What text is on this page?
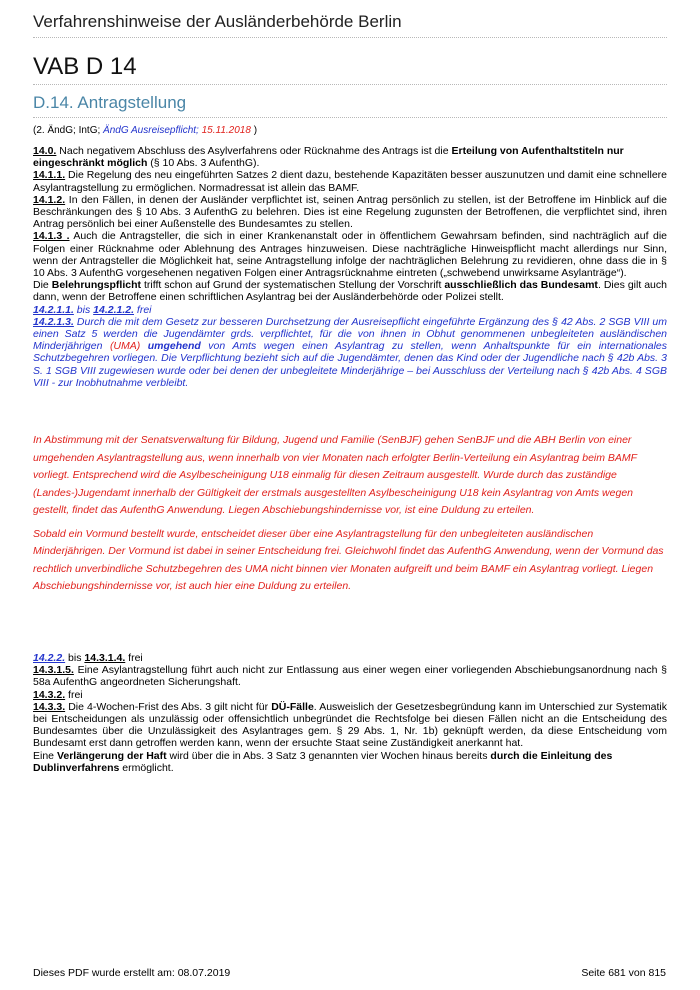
Verfahrenshinweise der Ausländerbehörde Berlin
VAB D 14
D.14. Antragstellung
(2. ÄndG; IntG; ÄndG Ausreisepflicht; 15.11.2018 )

14.0. Nach negativem Abschluss des Asylverfahrens oder Rücknahme des Antrags ist die Erteilung von Aufenthaltstiteln nur eingeschränkt möglich (§ 10 Abs. 3 AufenthG).

14.1.1. Die Regelung des neu eingeführten Satzes 2 dient dazu, bestehende Kapazitäten besser auszunutzen und damit eine schnellere Asylantragstellung zu ermöglichen. Normadressat ist allein das BAMF.

14.1.2. In den Fällen, in denen der Ausländer verpflichtet ist, seinen Antrag persönlich zu stellen, ist der Betroffene im Hinblick auf die Beschränkungen des § 10 Abs. 3 AufenthG zu belehren. Dies ist eine Regelung zugunsten der Betroffenen, die verpflichtet sind, ihren Antrag persönlich bei einer Außenstelle des Bundesamtes zu stellen.

14.1.3 . Auch die Antragsteller, die sich in einer Krankenanstalt oder in öffentlichem Gewahrsam befinden, sind nachträglich auf die Folgen einer Rücknahme oder Ablehnung des Antrages hinzuweisen. Diese nachträgliche Hinweispflicht macht allerdings nur Sinn, wenn der Antragsteller die Möglichkeit hat, seine Antragstellung infolge der nachträglichen Belehrung zu revidieren, ohne dass die in § 10 Abs. 3 AufenthG vorgesehenen negativen Folgen einer Antragsrücknahme eintreten („schwebend unwirksame Asylanträge“).

Die Belehrungspflicht trifft schon auf Grund der systematischen Stellung der Vorschrift ausschließlich das Bundesamt. Dies gilt auch dann, wenn der Betroffene einen schriftlichen Asylantrag bei der Ausländerbehörde oder Polizei stellt.

14.2.1.1. bis 14.2.1.2. frei

14.2.1.3. Durch die mit dem Gesetz zur besseren Durchsetzung der Ausreisepflicht eingeführte Ergänzung des § 42 Abs. 2 SGB VIII um einen Satz 5 werden die Jugendämter grds. verpflichtet, für die von ihnen in Obhut genommenen unbegleiteten ausländischen Minderjährigen (UMA) umgehend von Amts wegen einen Asylantrag zu stellen, wenn Anhaltspunkte für ein internationales Schutzbegehren vorliegen. Die Verpflichtung bezieht sich auf die Jugendämter, denen das Kind oder der Jugendliche nach § 42b Abs. 3 S. 1 SGB VIII zugewiesen wurde oder bei denen der unbegleitete Minderjährige – bei Ausschluss der Verteilung nach § 42b Abs. 4 SGB VIII - zur Inobhutnahme verbleibt.

In Abstimmung mit der Senatsverwaltung für Bildung, Jugend und Familie (SenBJF) gehen SenBJF und die ABH Berlin von einer umgehenden Asylantragstellung aus, wenn innerhalb von vier Monaten nach erfolgter Berlin-Verteilung ein Asylantrag beim BAMF vorliegt. Entsprechend wird die Asylbescheinigung U18 einmalig für diesen Zeitraum ausgestellt. Wurde durch das zuständige (Landes-)Jugendamt innerhalb der Gültigkeit der erstmals ausgestellten Asylbescheinigung U18 kein Asylantrag von Amts wegen gestellt, findet das AufenthG Anwendung. Liegen Abschiebungshindernisse vor, ist eine Duldung zu erteilen.

Sobald ein Vormund bestellt wurde, entscheidet dieser über eine Asylantragstellung für den unbegleiteten ausländischen Minderjährigen. Der Vormund ist dabei in seiner Entscheidung frei. Gleichwohl findet das AufenthG Anwendung, wenn der Vormund das rechtlich unverbindliche Schutzbegehren des UMA nicht binnen vier Monaten aufgreift und beim BAMF ein Asylantrag vorliegt. Liegen Abschiebungshindernisse vor, ist auch hier eine Duldung zu erteilen.

14.2.2. bis 14.3.1.4. frei

14.3.1.5. Eine Asylantragstellung führt auch nicht zur Entlassung aus einer wegen einer vorliegenden Abschiebungsanordnung nach § 58a AufenthG angeordneten Sicherungshaft.

14.3.2. frei

14.3.3. Die 4-Wochen-Frist des Abs. 3 gilt nicht für DÜ-Fälle. Ausweislich der Gesetzesbegründung kann im Unterschied zur Systematik bei Entscheidungen als unzulässig oder offensichtlich unbegründet die Rechtsfolge bei diesen Fällen nicht an die Entscheidung des Bundesamtes über die Unzulässigkeit des Asylantrages gem. § 29 Abs. 1, Nr. 1b) geknüpft werden, da diese Entscheidung vom Bundesamt erst dann getroffen werden kann, wenn der ersuchte Staat seine Zuständigkeit anerkannt hat.

Eine Verlängerung der Haft wird über die in Abs. 3 Satz 3 genannten vier Wochen hinaus bereits durch die Einleitung des Dublinverfahrens ermöglicht.

Dieses PDF wurde erstellt am: 08.07.2019	Seite 681 von 815
